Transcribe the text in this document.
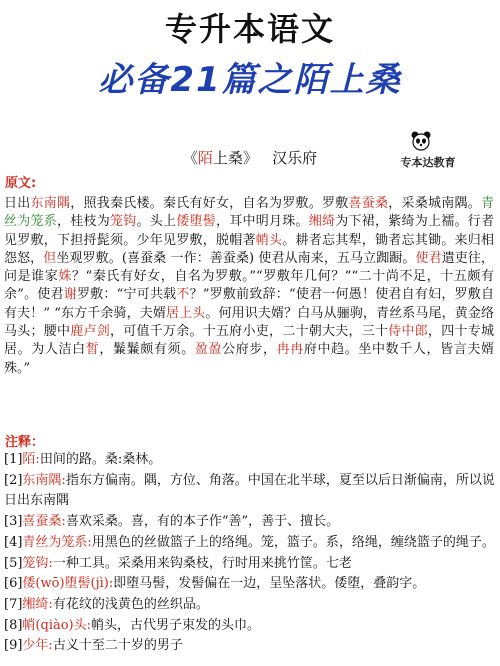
专升本语文
必备21篇之陌上桑
专本达教育
《陌上桑》 汉乐府
原文:
日出东南隅，照我秦氏楼。秦氏有好女，自名为罗敷。罗敷喜蚕桑，采桑城南隅。青丝为笼系，桂枝为笼钩。头上倭堕髻，耳中明月珠。缃绮为下裙，紫绮为上襦。行者见罗敷，下担捋髭须。少年见罗敷，脱帽著帩头。耕者忘其犁，锄者忘其锄。来归相怨怒，但坐观罗敷。(喜蚕桑 一作：善蚕桑) 使君从南来，五马立踟蹰。使君遣吏往，问是谁家姝？“秦氏有好女，自名为罗敷。”“罗敷年几何？”“二十尚不足，十五颇有余”。使君谢罗敷：“宁可共载不？”罗敷前致辞：“使君一何愚！使君自有妇，罗敷自有夫！” “东方千余骑，夫婿居上头。何用识夫婿？白马从骊驹，青丝系马尾，黄金络马头；腰中鹿卢剑，可值千万余。十五府小吏，二十朝大夫，三十侍中郎，四十专城居。为人洁白皙，鬑鬑颇有须。盈盈公府步，冉冉府中趋。坐中数千人，皆言夫婿殊。”
注释：
[1]陌:田间的路。桑:桑林。
[2]东南隅:指东方偏南。隅，方位、角落。中国在北半球，夏至以后日渐偏南，所以说日出东南隅
[3]喜蚕桑:喜欢采桑。喜，有的本子作“善”，善于、擅长。
[4]青丝为笼系:用黑色的丝做篮子上的络绳。笼，篮子。系，络绳，缠绕篮子的绳子。
[5]笼钩:一种工具。采桑用来钩桑枝，行时用来挑竹筐。七老
[6]倭(wō)堕髻(jì):即堕马髻，发髻偏在一边，呈坠落状。倭堕，叠韵字。
[7]缃绮:有花纹的浅黄色的丝织品。
[8]帩(qiào)头:帩头，古代男子束发的头巾。
[9]少年:古义十至二十岁的男子
